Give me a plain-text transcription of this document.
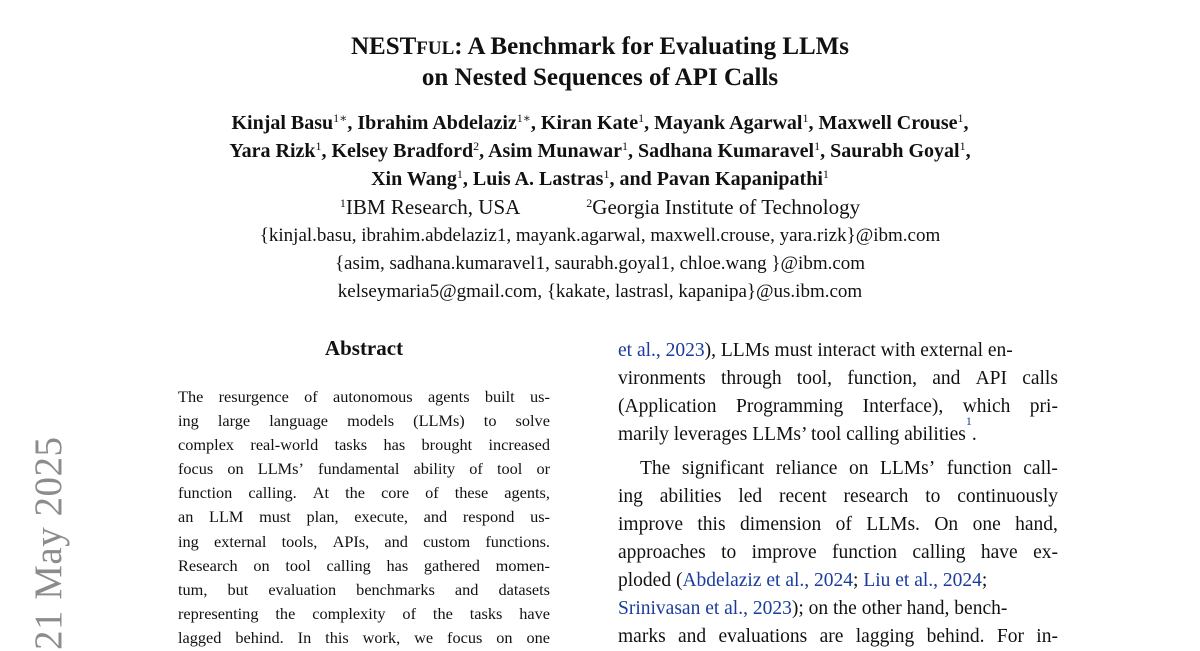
NESTFUL: A Benchmark for Evaluating LLMs
on Nested Sequences of API Calls
Kinjal Basu$^{1∗}$, Ibrahim Abdelaziz$^{1∗}$, Kiran Kate$^1$, Mayank Agarwal$^1$, Maxwell Crouse$^1$,
Yara Rizk$^1$, Kelsey Bradford$^2$, Asim Munawar$^1$, Sadhana Kumaravel$^1$, Saurabh Goyal$^1$,
Xin Wang$^1$, Luis A. Lastras$^1$, and Pavan Kapanipathi$^1$
$^1$IBM Research, USA	$^2$Georgia Institute of Technology
{kinjal.basu, ibrahim.abdelaziz1, mayank.agarwal, maxwell.crouse, yara.rizk}@ibm.com
{asim, sadhana.kumaravel1, saurabh.goyal1, chloe.wang }@ibm.com
kelseymaria5@gmail.com, {kakate, lastrasl, kapanipa}@us.ibm.com
21 May 2025
Abstract
The resurgence of autonomous agents built us-
ing large language models (LLMs) to solve
complex real-world tasks has brought increased
focus on LLMs’ fundamental ability of tool or
function calling. At the core of these agents,
an LLM must plan, execute, and respond us-
ing external tools, APIs, and custom functions.
Research on tool calling has gathered momen-
tum, but evaluation benchmarks and datasets
representing the complexity of the tasks have
lagged behind. In this work, we focus on one
et al., 2023), LLMs must interact with external en-
vironments through tool, function, and API calls
(Application Programming Interface), which pri-
marily leverages LLMs’ tool calling abilities
1
.
The significant reliance on LLMs’ function call-
ing abilities led recent research to continuously
improve this dimension of LLMs. On one hand,
approaches to improve function calling have ex-
ploded (Abdelaziz et al., 2024; Liu et al., 2024;
Srinivasan et al., 2023); on the other hand, bench-
marks and evaluations are lagging behind. For in-
